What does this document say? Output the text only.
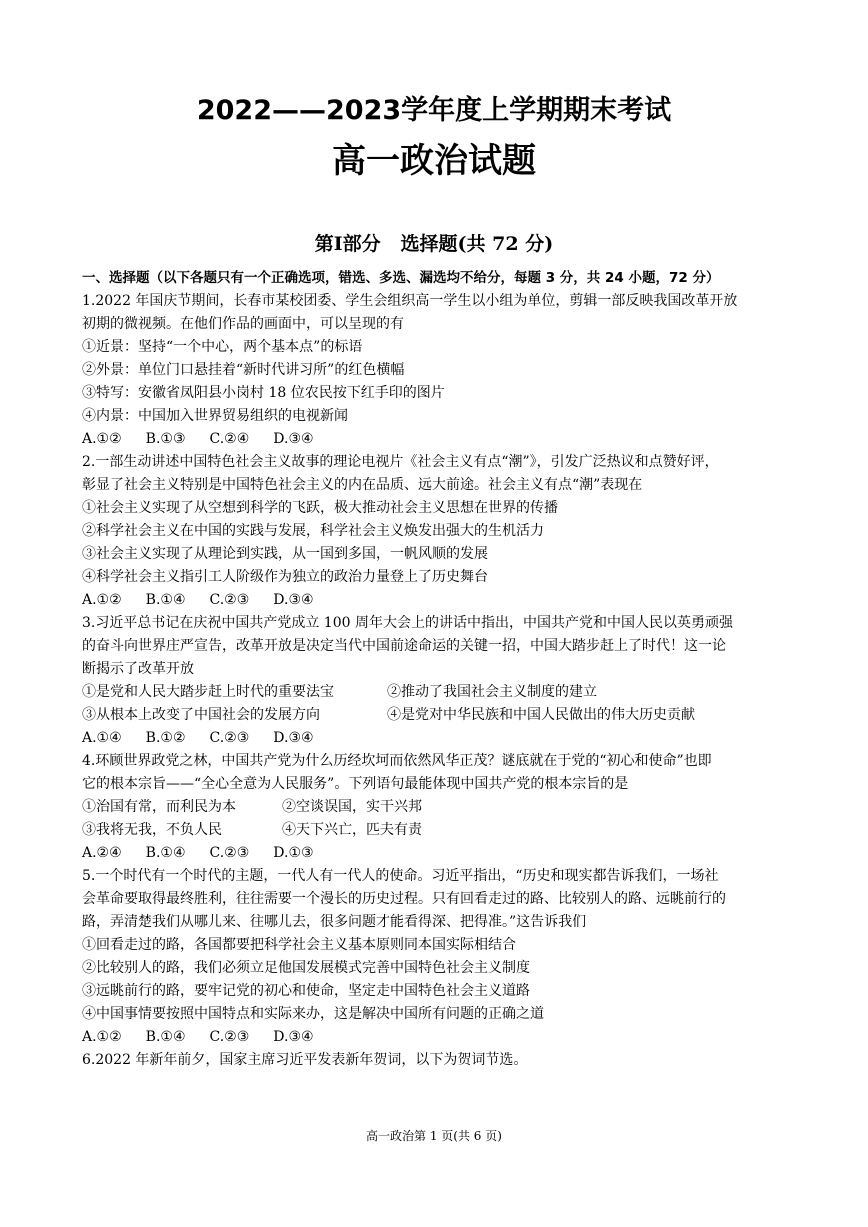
2022——2023学年度上学期期末考试
高一政治试题
第Ⅰ部分   选择题(共 72 分)
一、选择题（以下各题只有一个正确选项，错选、多选、漏选均不给分，每题 3 分，共 24 小题，72 分）
1.2022 年国庆节期间，长春市某校团委、学生会组织高一学生以小组为单位，剪辑一部反映我国改革开放
初期的微视频。在他们作品的画面中，可以呈现的有
①近景：坚持“一个中心，两个基本点”的标语
②外景：单位门口悬挂着“新时代讲习所”的红色横幅
③特写：安徽省凤阳县小岗村 18 位农民按下红手印的图片
④内景：中国加入世界贸易组织的电视新闻
A.①② B.①③ C.②④ D.③④
2.一部生动讲述中国特色社会主义故事的理论电视片《社会主义有点“潮”》，引发广泛热议和点赞好评，
彰显了社会主义特别是中国特色社会主义的内在品质、远大前途。社会主义有点“潮”表现在
①社会主义实现了从空想到科学的飞跃，极大推动社会主义思想在世界的传播
②科学社会主义在中国的实践与发展，科学社会主义焕发出强大的生机活力
③社会主义实现了从理论到实践，从一国到多国，一帆风顺的发展
④科学社会主义指引工人阶级作为独立的政治力量登上了历史舞台
A.①② B.①④ C.②③ D.③④
3.习近平总书记在庆祝中国共产党成立 100 周年大会上的讲话中指出，中国共产党和中国人民以英勇顽强
的奋斗向世界庄严宣告，改革开放是决定当代中国前途命运的关键一招，中国大踏步赶上了时代！这一论
断揭示了改革开放
①是党和人民大踏步赶上时代的重要法宝	②推动了我国社会主义制度的建立
③从根本上改变了中国社会的发展方向	④是党对中华民族和中国人民做出的伟大历史贡献
A.①④ B.①② C.②③ D.③④
4.环顾世界政党之林，中国共产党为什么历经坎坷而依然风华正茂？谜底就在于党的“初心和使命”也即
它的根本宗旨——“全心全意为人民服务”。下列语句最能体现中国共产党的根本宗旨的是
①治国有常，而利民为本	②空谈误国，实干兴邦
③我将无我，不负人民	④天下兴亡，匹夫有责
A.②④ B.①④ C.②③ D.①③
5.一个时代有一个时代的主题，一代人有一代人的使命。习近平指出，“历史和现实都告诉我们，一场社
会革命要取得最终胜利，往往需要一个漫长的历史过程。只有回看走过的路、比较别人的路、远眺前行的
路，弄清楚我们从哪儿来、往哪儿去，很多问题才能看得深、把得准。”这告诉我们
①回看走过的路，各国都要把科学社会主义基本原则同本国实际相结合
②比较别人的路，我们必须立足他国发展模式完善中国特色社会主义制度
③远眺前行的路，要牢记党的初心和使命，坚定走中国特色社会主义道路
④中国事情要按照中国特点和实际来办，这是解决中国所有问题的正确之道
A.①② B.①④ C.②③ D.③④
6.2022 年新年前夕，国家主席习近平发表新年贺词，以下为贺词节选。
高一政治第 1 页(共 6 页)
